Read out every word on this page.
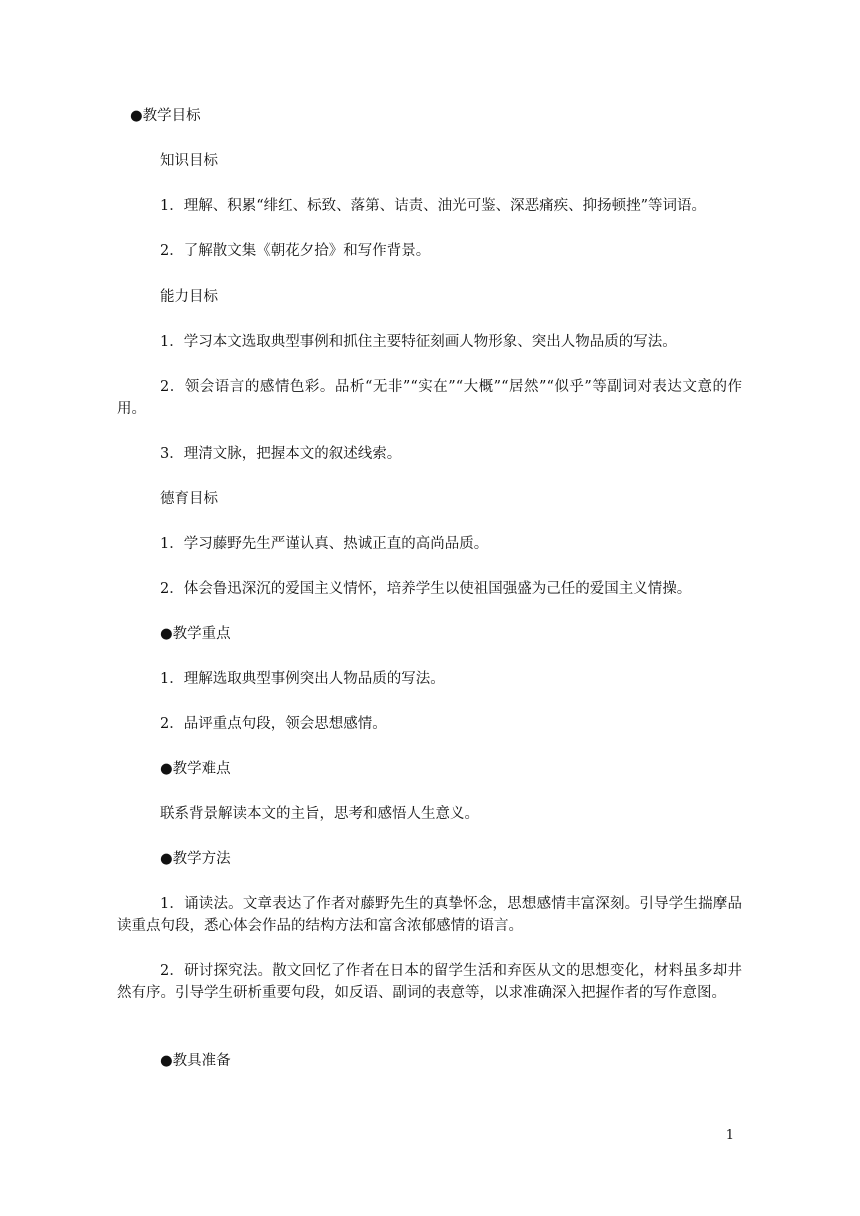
●教学目标

知识目标

1．理解、积累“绯红、标致、落第、诘责、油光可鉴、深恶痛疾、抑扬顿挫”等词语。

2．了解散文集《朝花夕拾》和写作背景。

能力目标

1．学习本文选取典型事例和抓住主要特征刻画人物形象、突出人物品质的写法。

2．领会语言的感情色彩。品析“无非”“实在”“大概”“居然”“似乎”等副词对表达文意的作用。

3．理清文脉，把握本文的叙述线索。

德育目标

1．学习藤野先生严谨认真、热诚正直的高尚品质。

2．体会鲁迅深沉的爱国主义情怀，培养学生以使祖国强盛为己任的爱国主义情操。

●教学重点

1．理解选取典型事例突出人物品质的写法。

2．品评重点句段，领会思想感情。

●教学难点

联系背景解读本文的主旨，思考和感悟人生意义。

●教学方法

1．诵读法。文章表达了作者对藤野先生的真挚怀念，思想感情丰富深刻。引导学生揣摩品读重点句段，悉心体会作品的结构方法和富含浓郁感情的语言。

2．研讨探究法。散文回忆了作者在日本的留学生活和弃医从文的思想变化，材料虽多却井然有序。引导学生研析重要句段，如反语、副词的表意等，以求准确深入把握作者的写作意图。

●教具准备

1
